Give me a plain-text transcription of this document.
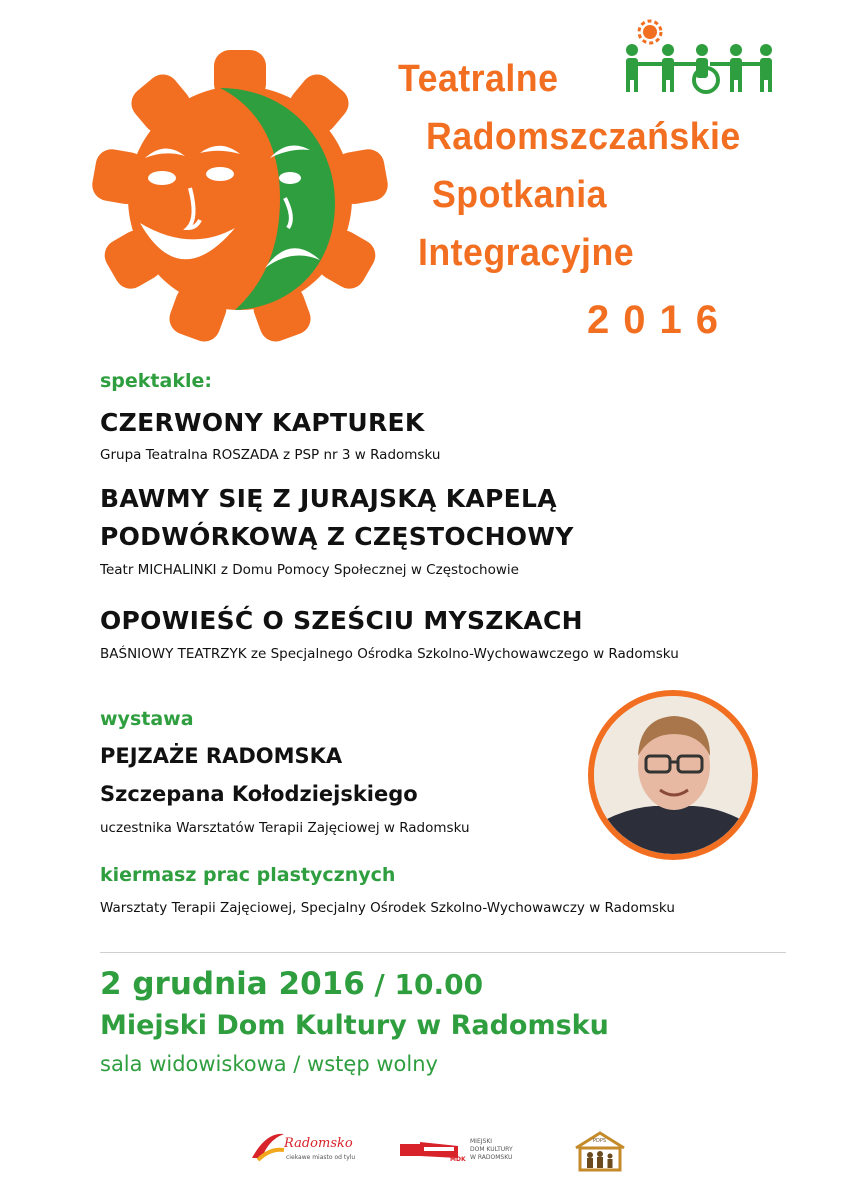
Teatralne
Radomszczańskie
Spotkania
Integracyjne
2016
spektakle:
CZERWONY KAPTUREK
Grupa Teatralna ROSZADA z PSP nr 3 w Radomsku
BAWMY SIĘ Z JURAJSKĄ KAPELĄ
PODWÓRKOWĄ Z CZĘSTOCHOWY
Teatr MICHALINKI z Domu Pomocy Społecznej w Częstochowie
OPOWIEŚĆ O SZEŚCIU MYSZKACH
BAŚNIOWY TEATRZYK ze Specjalnego Ośrodka Szkolno-Wychowawczego w Radomsku
wystawa
PEJZAŻE RADOMSKA
Szczepana Kołodziejskiego
uczestnika Warsztatów Terapii Zajęciowej w Radomsku
kiermasz prac plastycznych
Warsztaty Terapii Zajęciowej, Specjalny Ośrodek Szkolno-Wychowawczy w Radomsku
2 grudnia 2016 / 10.00
Miejski Dom Kultury w Radomsku
sala widowiskowa / wstęp wolny
Radomsko
ciekawe miasto od tylu	MDK
MIEJSKI
DOM KULTURY
W RADOMSKU
PDPS
